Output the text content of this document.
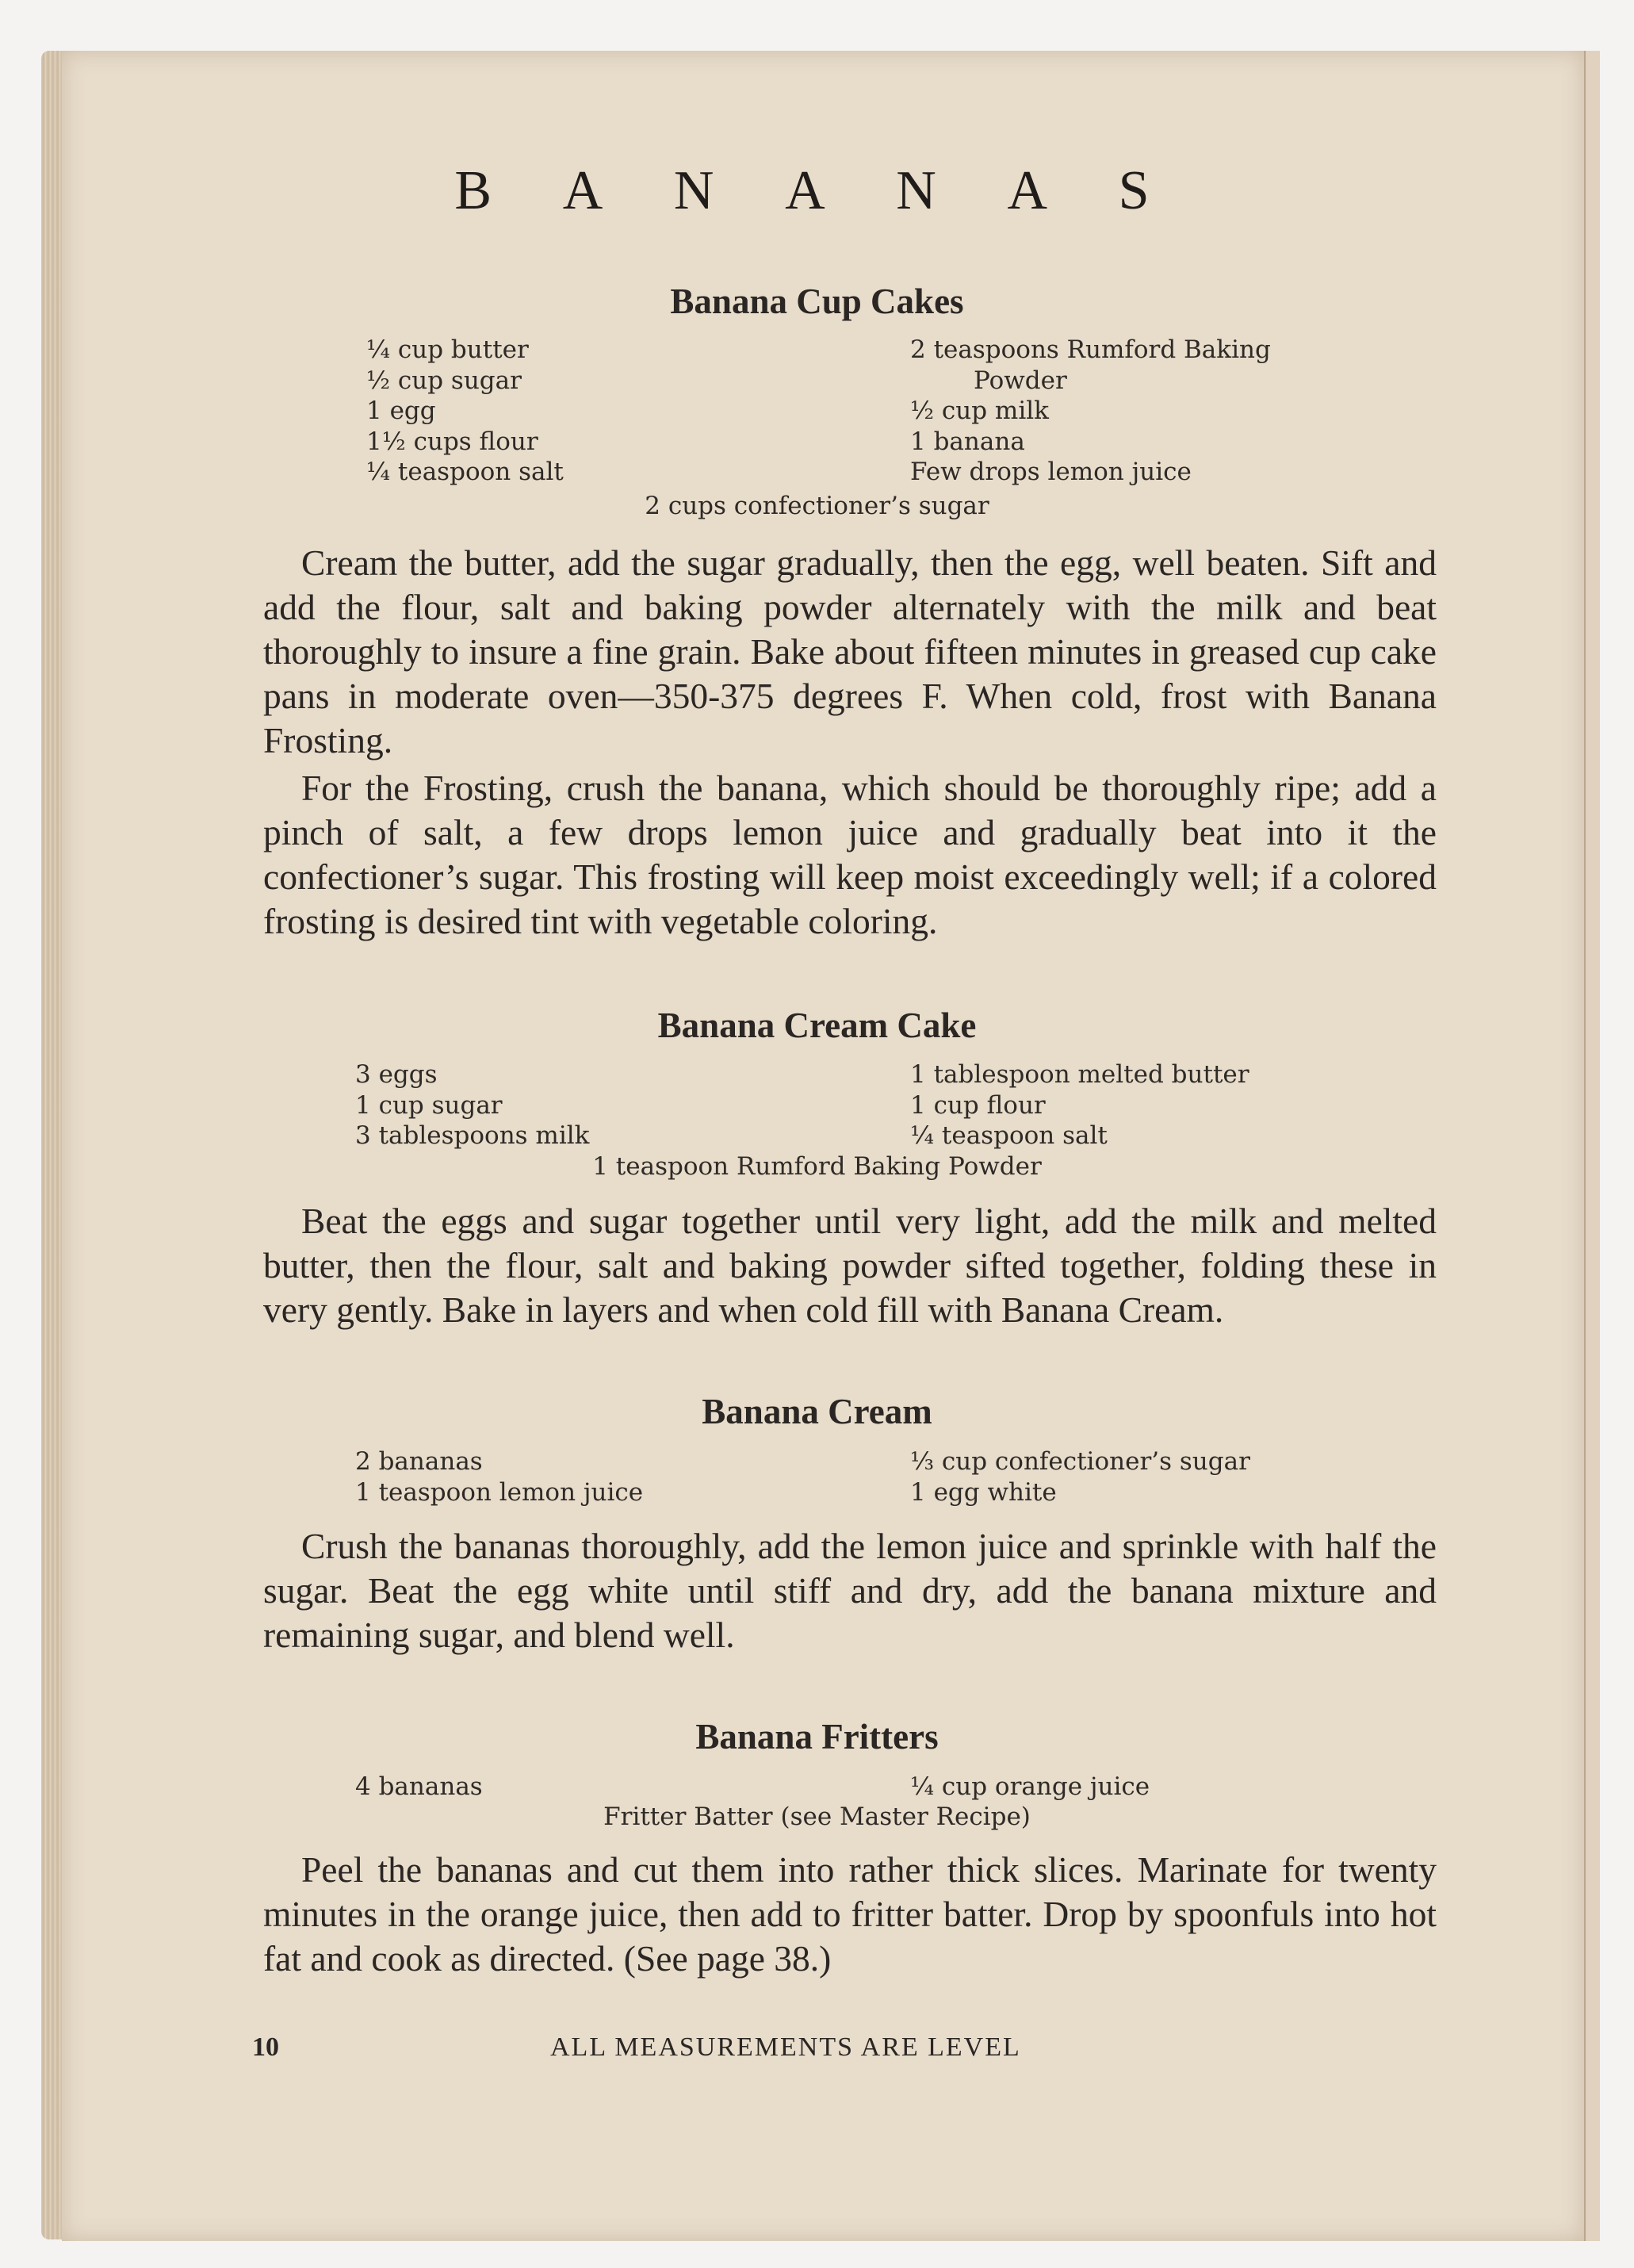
B A N A N A S
Banana Cup Cakes
¼ cup butter
½ cup sugar
1 egg
1½ cups flour
¼ teaspoon salt
2 teaspoons Rumford Baking
Powder
½ cup milk
1 banana
Few drops lemon juice
2 cups confectioner’s sugar
Cream the butter, add the sugar gradually, then the egg, well beaten. Sift and add the flour, salt and baking powder alternately with the milk and beat thoroughly to insure a fine grain. Bake about fifteen minutes in greased cup cake pans in moderate oven—350-375 degrees F. When cold, frost with Banana Frosting.
For the Frosting, crush the banana, which should be thoroughly ripe; add a pinch of salt, a few drops lemon juice and gradually beat into it the confectioner’s sugar. This frosting will keep moist exceedingly well; if a colored frosting is desired tint with vegetable coloring.
Banana Cream Cake
3 eggs
1 cup sugar
3 tablespoons milk
1 tablespoon melted butter
1 cup flour
¼ teaspoon salt
1 teaspoon Rumford Baking Powder
Beat the eggs and sugar together until very light, add the milk and melted butter, then the flour, salt and baking powder sifted together, folding these in very gently. Bake in layers and when cold fill with Banana Cream.
Banana Cream
2 bananas
1 teaspoon lemon juice
⅓ cup confectioner’s sugar
1 egg white
Crush the bananas thoroughly, add the lemon juice and sprinkle with half the sugar. Beat the egg white until stiff and dry, add the banana mixture and remaining sugar, and blend well.
Banana Fritters
4 bananas	¼ cup orange juice
Fritter Batter (see Master Recipe)
Peel the bananas and cut them into rather thick slices. Marinate for twenty minutes in the orange juice, then add to fritter batter. Drop by spoonfuls into hot fat and cook as directed. (See page 38.)
10	ALL MEASUREMENTS ARE LEVEL
